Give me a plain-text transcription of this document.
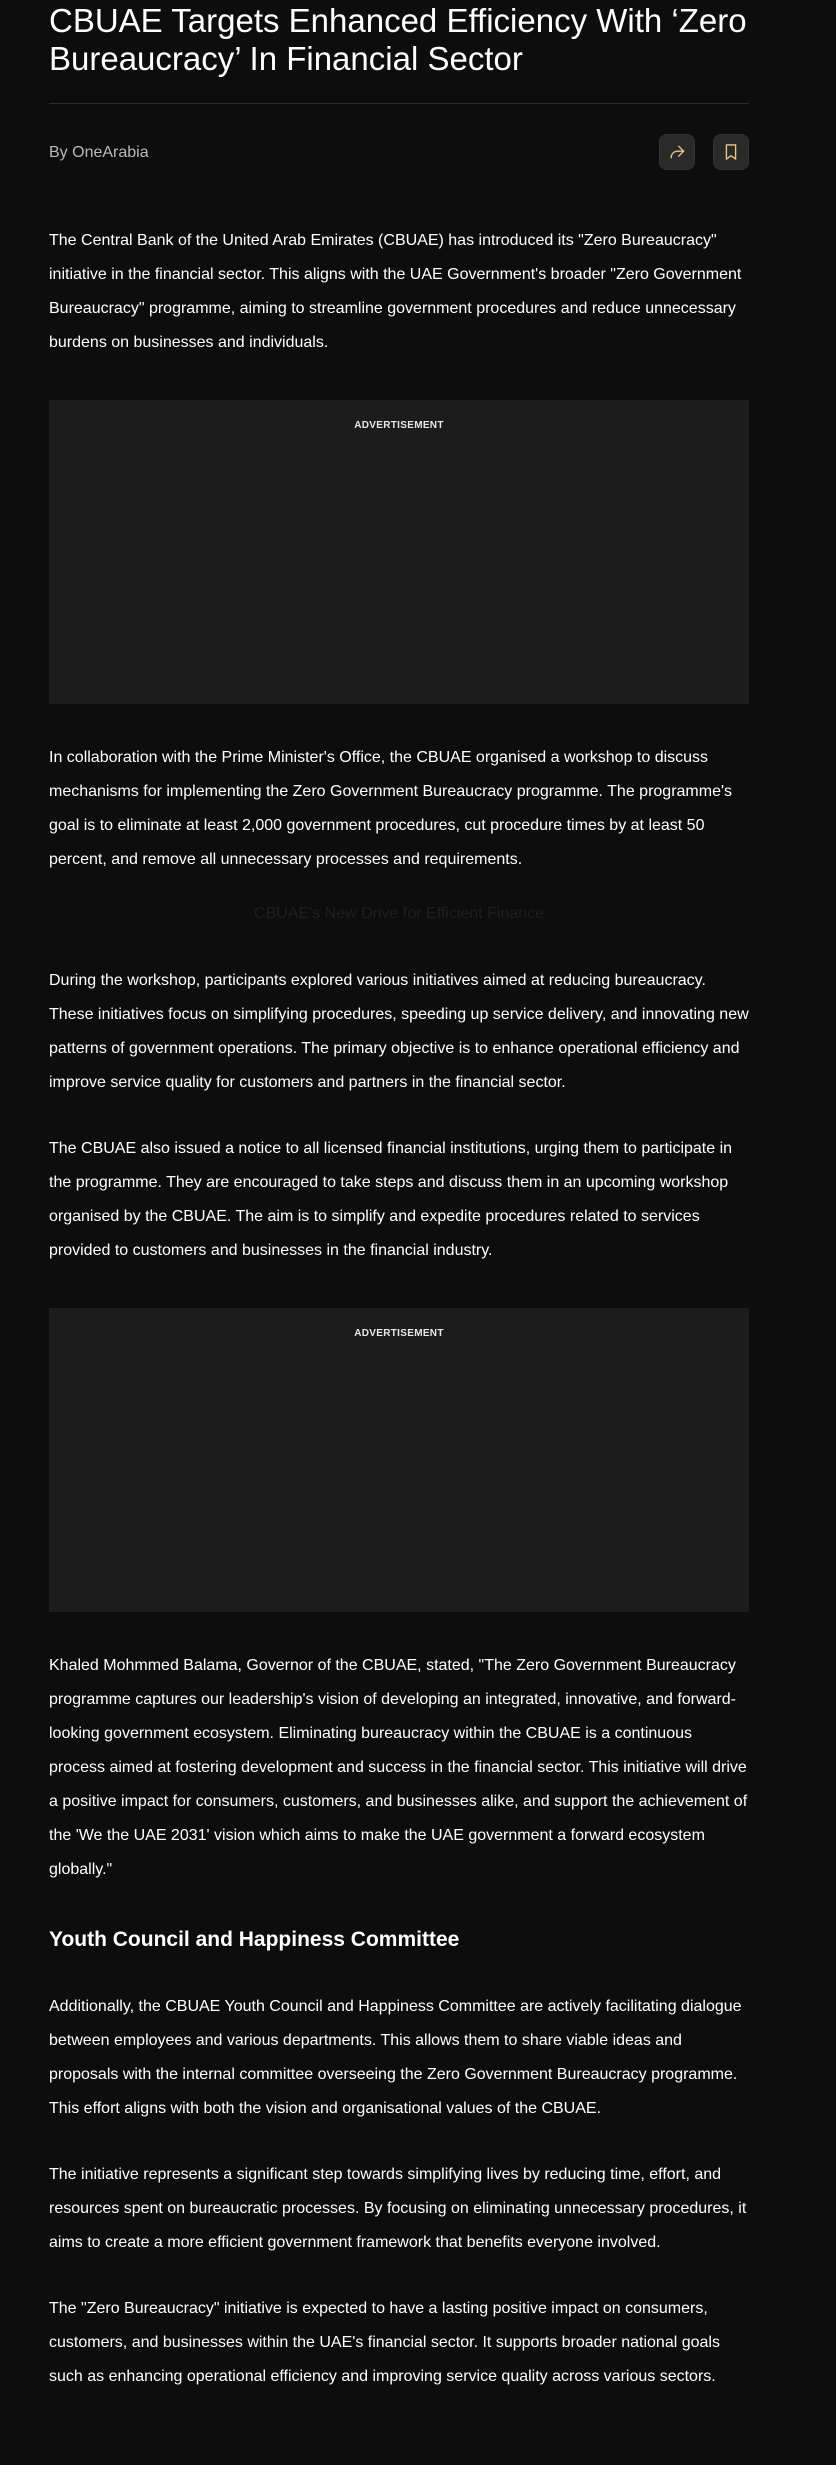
CBUAE Targets Enhanced Efficiency With ‘Zero Bureaucracy’ In Financial Sector
By OneArabia

The Central Bank of the United Arab Emirates (CBUAE) has introduced its "Zero Bureaucracy" initiative in the financial sector. This aligns with the UAE Government's broader "Zero Government Bureaucracy" programme, aiming to streamline government procedures and reduce unnecessary burdens on businesses and individuals.

ADVERTISEMENT

In collaboration with the Prime Minister's Office, the CBUAE organised a workshop to discuss mechanisms for implementing the Zero Government Bureaucracy programme. The programme's goal is to eliminate at least 2,000 government procedures, cut procedure times by at least 50 percent, and remove all unnecessary processes and requirements.

CBUAE's New Drive for Efficient Finance

During the workshop, participants explored various initiatives aimed at reducing bureaucracy. These initiatives focus on simplifying procedures, speeding up service delivery, and innovating new patterns of government operations. The primary objective is to enhance operational efficiency and improve service quality for customers and partners in the financial sector.

The CBUAE also issued a notice to all licensed financial institutions, urging them to participate in the programme. They are encouraged to take steps and discuss them in an upcoming workshop organised by the CBUAE. The aim is to simplify and expedite procedures related to services provided to customers and businesses in the financial industry.

ADVERTISEMENT

Khaled Mohmmed Balama, Governor of the CBUAE, stated, "The Zero Government Bureaucracy programme captures our leadership's vision of developing an integrated, innovative, and forward-looking government ecosystem. Eliminating bureaucracy within the CBUAE is a continuous process aimed at fostering development and success in the financial sector. This initiative will drive a positive impact for consumers, customers, and businesses alike, and support the achievement of the 'We the UAE 2031' vision which aims to make the UAE government a forward ecosystem globally."

Youth Council and Happiness Committee

Additionally, the CBUAE Youth Council and Happiness Committee are actively facilitating dialogue between employees and various departments. This allows them to share viable ideas and proposals with the internal committee overseeing the Zero Government Bureaucracy programme. This effort aligns with both the vision and organisational values of the CBUAE.

The initiative represents a significant step towards simplifying lives by reducing time, effort, and resources spent on bureaucratic processes. By focusing on eliminating unnecessary procedures, it aims to create a more efficient government framework that benefits everyone involved.

The "Zero Bureaucracy" initiative is expected to have a lasting positive impact on consumers, customers, and businesses within the UAE's financial sector. It supports broader national goals such as enhancing operational efficiency and improving service quality across various sectors.
